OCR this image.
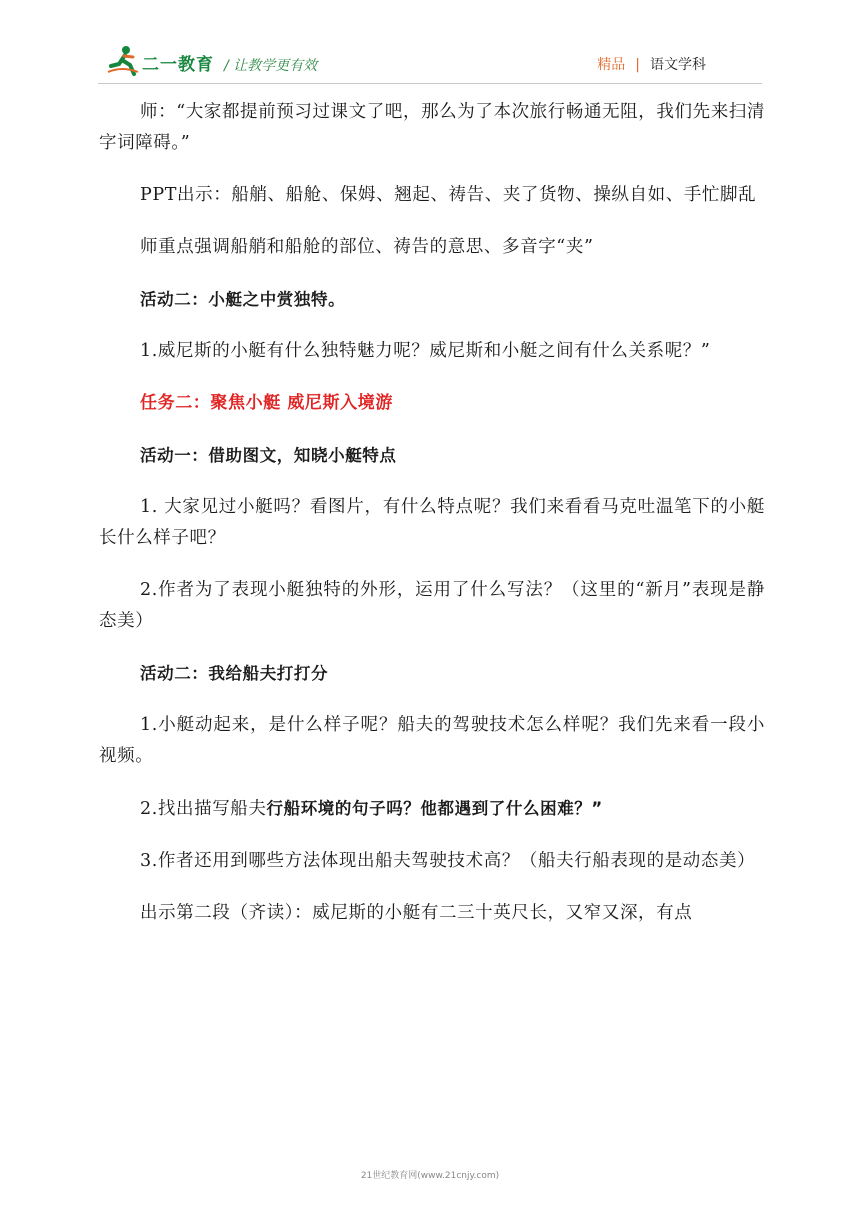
二一教育 / 让教学更有效	精品 | 语文学科

师：“大家都提前预习过课文了吧，那么为了本次旅行畅通无阻，我们先来扫清字词障碍。”

PPT出示：船艄、船舱、保姆、翘起、祷告、夹了货物、操纵自如、手忙脚乱

师重点强调船艄和船舱的部位、祷告的意思、多音字“夹”

活动二：小艇之中赏独特。

1.威尼斯的小艇有什么独特魅力呢？威尼斯和小艇之间有什么关系呢？”

任务二：聚焦小艇 威尼斯入境游

活动一：借助图文，知晓小艇特点

1. 大家见过小艇吗？看图片，有什么特点呢？我们来看看马克吐温笔下的小艇长什么样子吧？

2.作者为了表现小艇独特的外形，运用了什么写法？（这里的“新月”表现是静态美）

活动二：我给船夫打打分

1.小艇动起来，是什么样子呢？船夫的驾驶技术怎么样呢？我们先来看一段小视频。

2.找出描写船夫行船环境的句子吗？他都遇到了什么困难？”

3.作者还用到哪些方法体现出船夫驾驶技术高？（船夫行船表现的是动态美）

出示第二段（齐读）：威尼斯的小艇有二三十英尺长，又窄又深，有点

21世纪教育网(www.21cnjy.com)
